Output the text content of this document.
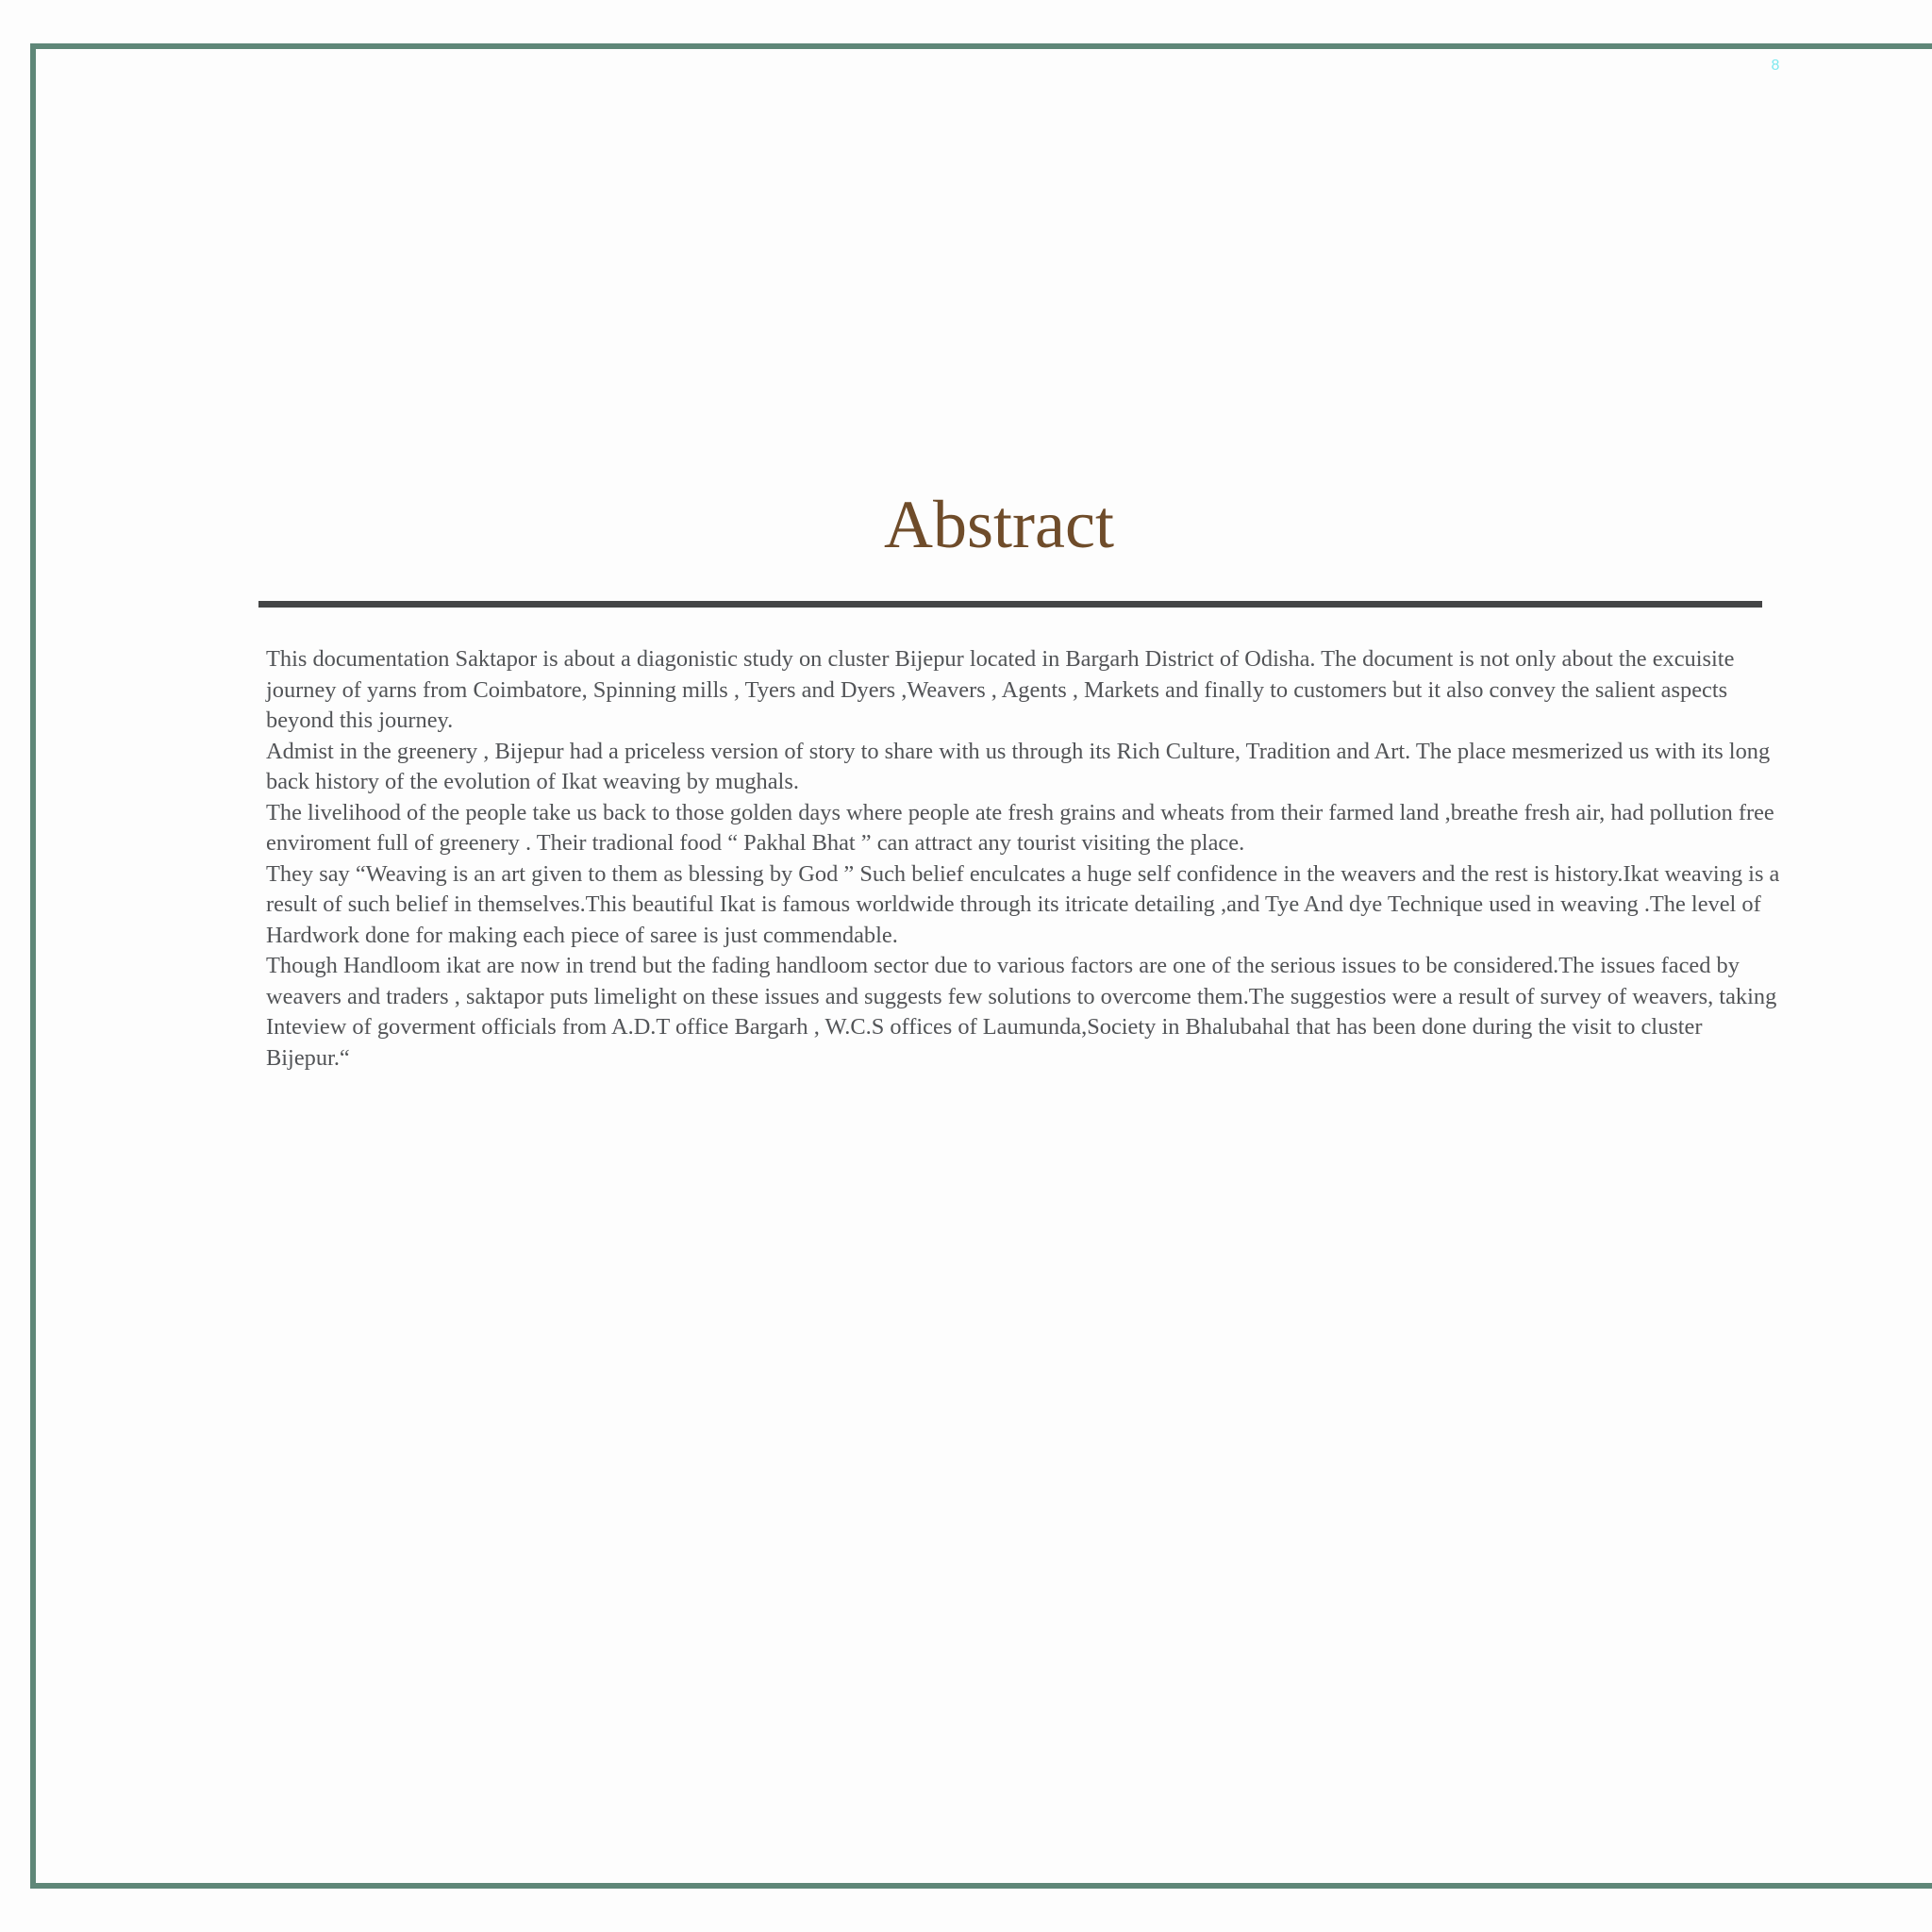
8
Abstract

This documentation Saktapor is about a diagonistic study on cluster Bijepur located in Bargarh District of Odisha. The document is not only about the excuisite journey of yarns from Coimbatore, Spinning mills , Tyers and Dyers ,Weavers , Agents , Markets and finally to customers but it also convey the salient aspects beyond this journey.

Admist in the greenery , Bijepur had a priceless version of story to share with us through its Rich Culture, Tradition and Art. The place mesmerized us with its long back history of the evolution of Ikat weaving by mughals.

The livelihood of the people take us back to those golden days where people ate fresh grains and wheats from their farmed land ,breathe fresh air, had pollution free enviroment full of greenery . Their tradional food “ Pakhal Bhat ” can attract any tourist visiting the place.

They say “Weaving is an art given to them as blessing by God ” Such belief enculcates a huge self confidence in the weavers and the rest is history.Ikat weaving is a result of such belief in themselves.This beautiful Ikat is famous worldwide through its itricate detailing ,and Tye And dye Technique used in weaving .The level of Hardwork done for making each piece of saree is just commendable.

Though Handloom ikat are now in trend but the fading handloom sector due to various factors are one of the serious issues to be considered.The issues faced by weavers and traders , saktapor puts limelight on these issues and suggests few solutions to overcome them.The suggestios were a result of survey of weavers, taking Inteview of goverment officials from A.D.T office Bargarh , W.C.S offices of Laumunda,Society in Bhalubahal that has been done during the visit to cluster Bijepur.“
